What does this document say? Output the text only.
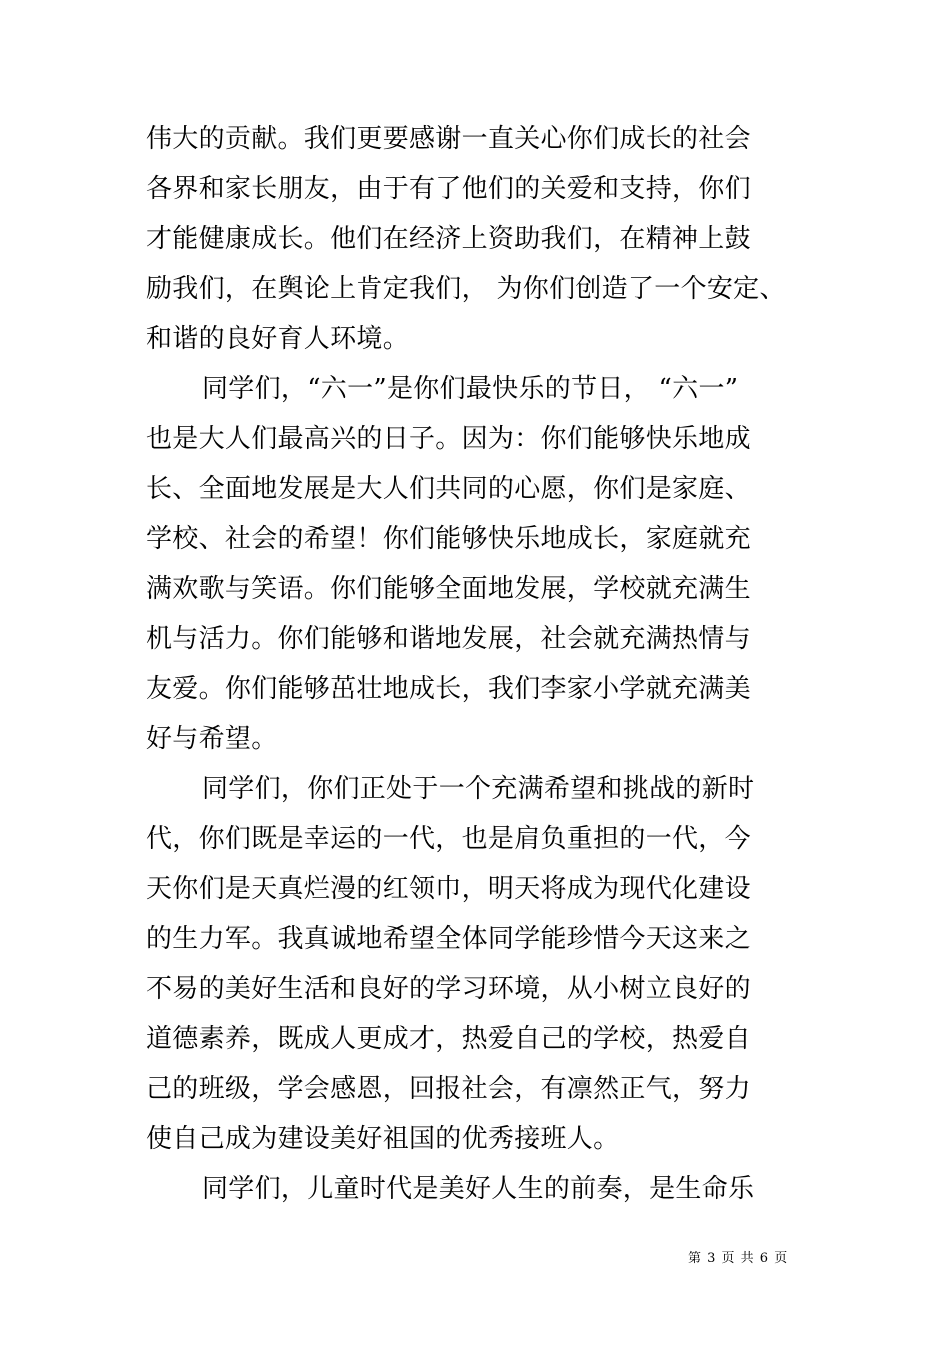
伟大的贡献。我们更要感谢一直关心你们成长的社会
各界和家长朋友，由于有了他们的关爱和支持，你们
才能健康成长。他们在经济上资助我们，在精神上鼓
励我们，在舆论上肯定我们， 为你们创造了一个安定、
和谐的良好育人环境。
同学们，“六一”是你们最快乐的节日， “六一”
也是大人们最高兴的日子。因为：你们能够快乐地成
长、全面地发展是大人们共同的心愿，你们是家庭、
学校、社会的希望！你们能够快乐地成长，家庭就充
满欢歌与笑语。你们能够全面地发展，学校就充满生
机与活力。你们能够和谐地发展，社会就充满热情与
友爱。你们能够茁壮地成长，我们李家小学就充满美
好与希望。
同学们，你们正处于一个充满希望和挑战的新时
代，你们既是幸运的一代，也是肩负重担的一代，今
天你们是天真烂漫的红领巾，明天将成为现代化建设
的生力军。我真诚地希望全体同学能珍惜今天这来之
不易的美好生活和良好的学习环境，从小树立良好的
道德素养，既成人更成才，热爱自己的学校，热爱自
己的班级，学会感恩，回报社会，有凛然正气，努力
使自己成为建设美好祖国的优秀接班人。
同学们，儿童时代是美好人生的前奏，是生命乐
第 3 页 共 6 页
